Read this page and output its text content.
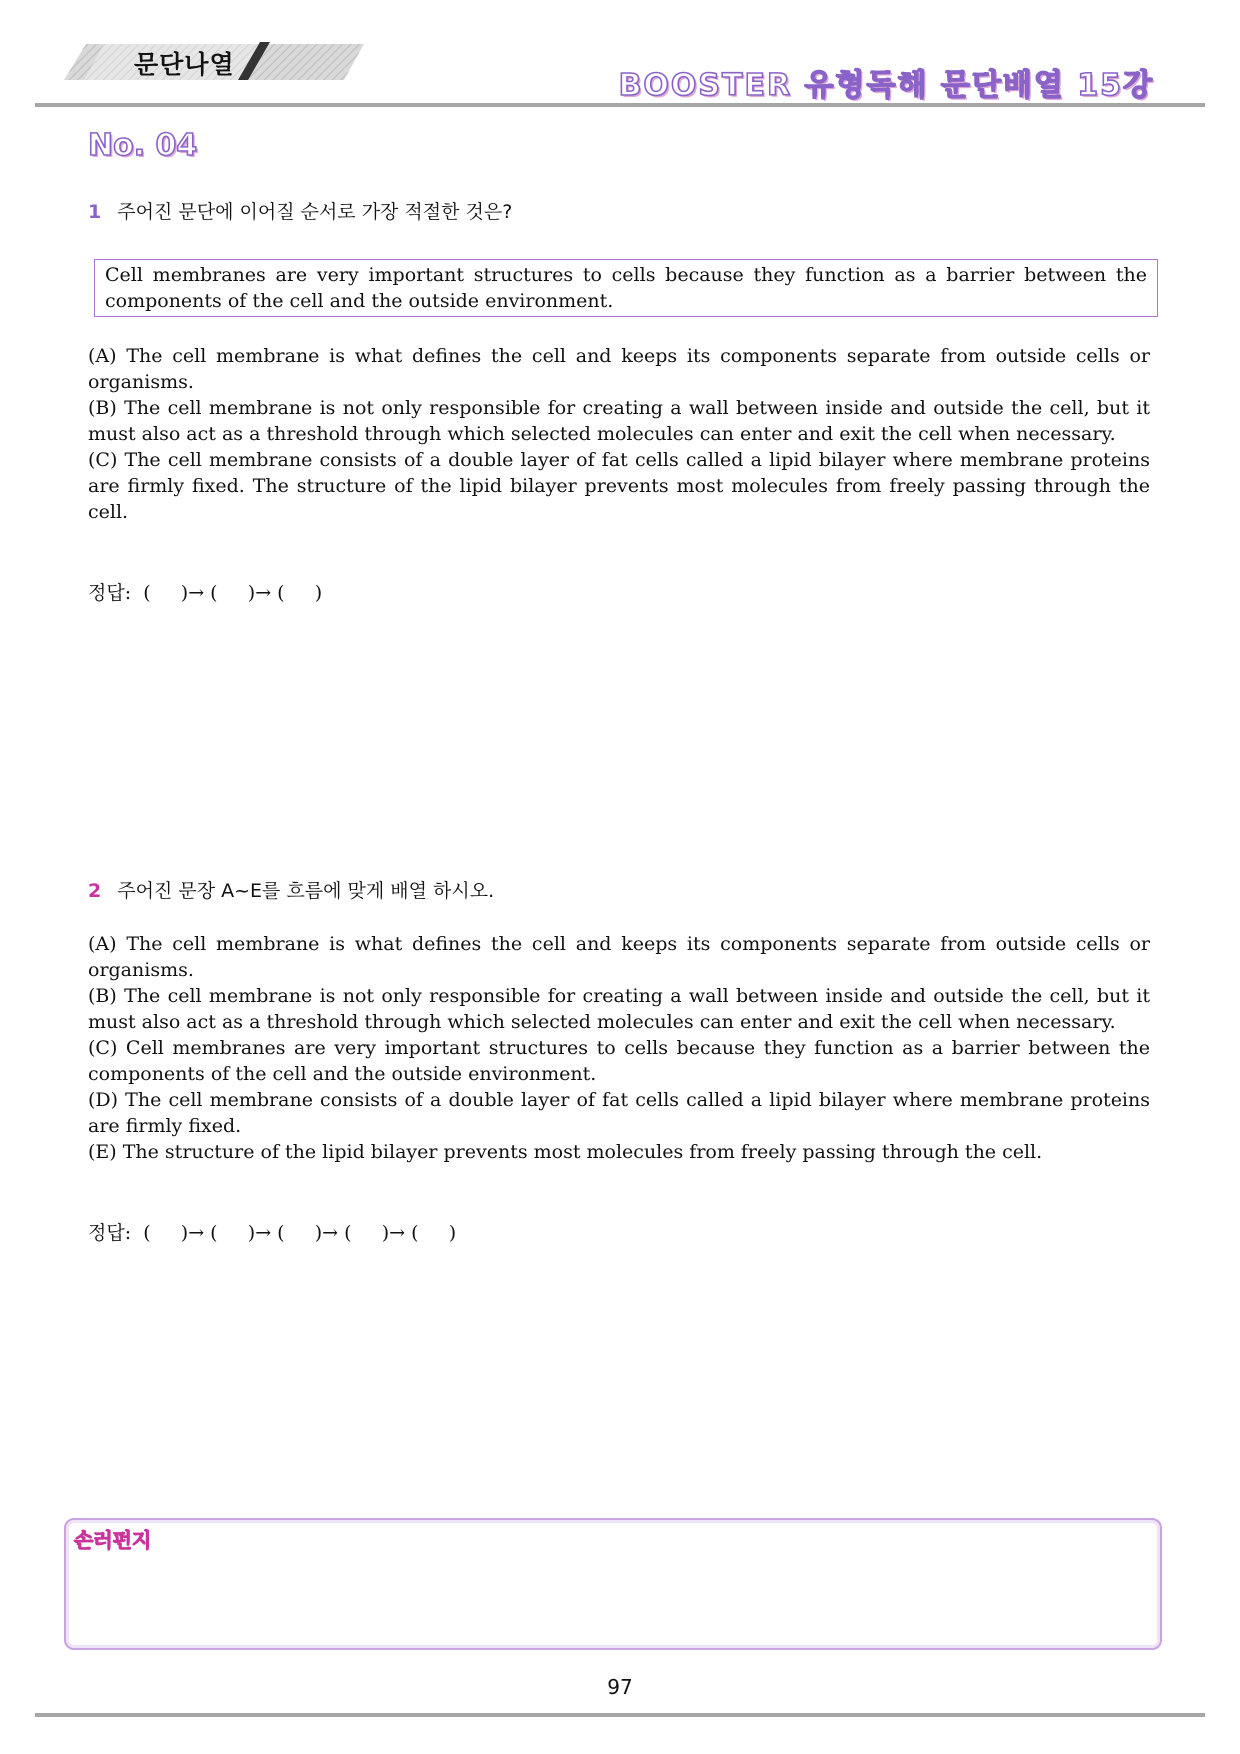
문단나열
BOOSTER 유형독해 문단배열 15강
No. 04
1 주어진 문단에 이어질 순서로 가장 적절한 것은?
Cell membranes are very important structures to cells because they function as a barrier between the components of the cell and the outside environment.

(A) The cell membrane is what defines the cell and keeps its components separate from outside cells or organisms.

(B) The cell membrane is not only responsible for creating a wall between inside and outside the cell, but it must also act as a threshold through which selected molecules can enter and exit the cell when necessary.

(C) The cell membrane consists of a double layer of fat cells called a lipid bilayer where membrane proteins are firmly fixed. The structure of the lipid bilayer prevents most molecules from freely passing through the cell.

정답:  (     )→ (     )→ (     )
2 주어진 문장 A~E를 흐름에 맞게 배열 하시오.

(A) The cell membrane is what defines the cell and keeps its components separate from outside cells or organisms.

(B) The cell membrane is not only responsible for creating a wall between inside and outside the cell, but it must also act as a threshold through which selected molecules can enter and exit the cell when necessary.

(C) Cell membranes are very important structures to cells because they function as a barrier between the components of the cell and the outside environment.

(D) The cell membrane consists of a double layer of fat cells called a lipid bilayer where membrane proteins are firmly fixed.

(E) The structure of the lipid bilayer prevents most molecules from freely passing through the cell.

정답:  (     )→ (     )→ (     )→ (     )→ (     )
손러펀지
97
